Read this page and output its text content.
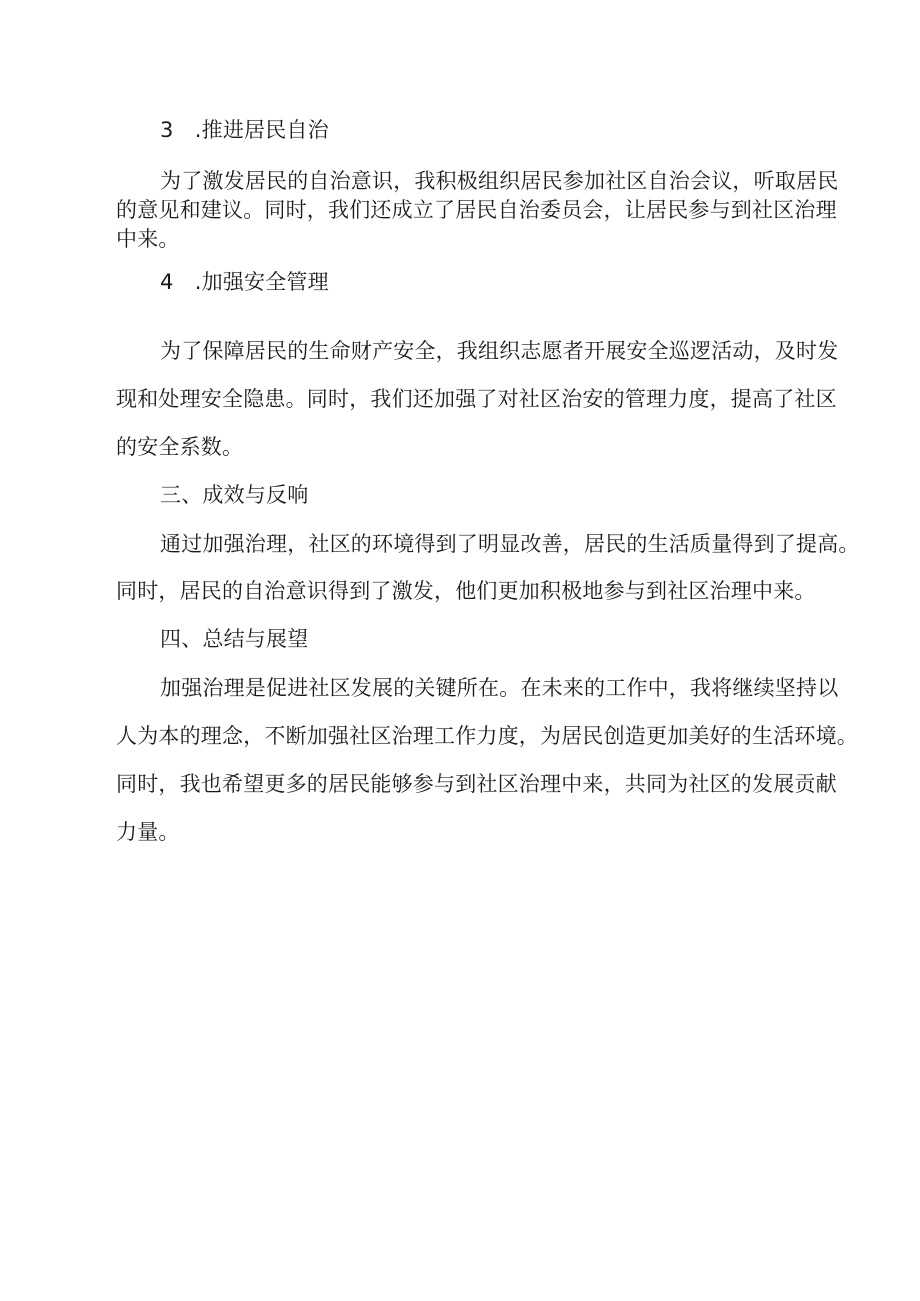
3　.推进居民自治
为了激发居民的自治意识，我积极组织居民参加社区自治会议，听取居民
的意见和建议。同时，我们还成立了居民自治委员会，让居民参与到社区治理
中来。
4　.加强安全管理
为了保障居民的生命财产安全，我组织志愿者开展安全巡逻活动，及时发
现和处理安全隐患。同时，我们还加强了对社区治安的管理力度，提高了社区
的安全系数。
三、成效与反响
通过加强治理，社区的环境得到了明显改善，居民的生活质量得到了提高。
同时，居民的自治意识得到了激发，他们更加积极地参与到社区治理中来。
四、总结与展望
加强治理是促进社区发展的关键所在。在未来的工作中，我将继续坚持以
人为本的理念，不断加强社区治理工作力度，为居民创造更加美好的生活环境。
同时，我也希望更多的居民能够参与到社区治理中来，共同为社区的发展贡献
力量。
